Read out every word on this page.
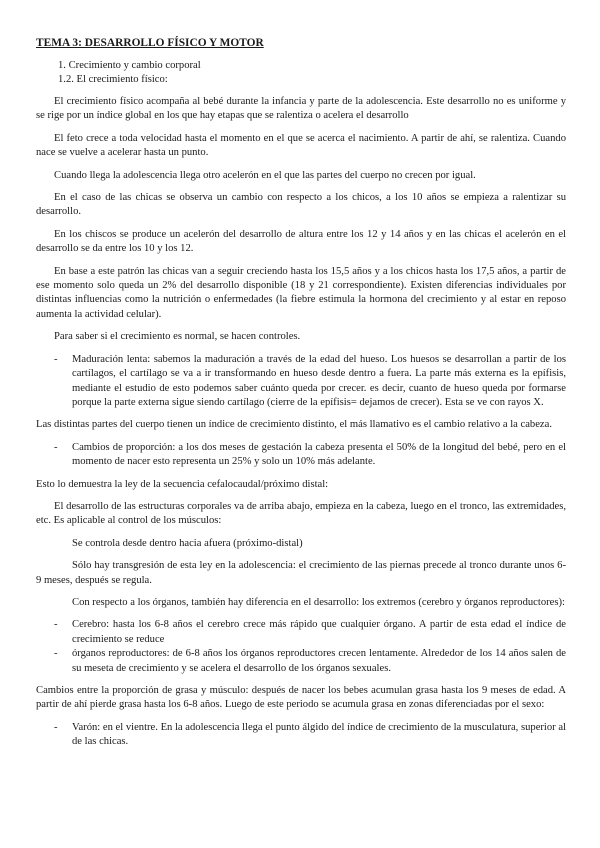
TEMA 3: DESARROLLO FÍSICO Y MOTOR
1. Crecimiento y cambio corporal
1.2. El crecimiento físico:

El crecimiento físico acompaña al bebé durante la infancia y parte de la adolescencia. Este desarrollo no es uniforme y se rige por un índice global en los que hay etapas que se ralentiza o acelera el desarrollo

El feto crece a toda velocidad hasta el momento en el que se acerca el nacimiento. A partir de ahí, se ralentiza. Cuando nace se vuelve a acelerar hasta un punto.

Cuando llega la adolescencia llega otro acelerón en el que las partes del cuerpo no crecen por igual.

En el caso de las chicas se observa un cambio con respecto a los chicos, a los 10 años se empieza a ralentizar su desarrollo.

En los chiscos se produce un acelerón del desarrollo de altura entre los 12 y 14 años y en las chicas el acelerón en el desarrollo se da entre los 10 y los 12.

En base a este patrón las chicas van a seguir creciendo hasta los 15,5 años y a los chicos hasta los 17,5 años, a partir de ese momento solo queda un 2% del desarrollo disponible (18 y 21 correspondiente). Existen diferencias individuales por distintas influencias como la nutrición o enfermedades (la fiebre estimula la hormona del crecimiento y al estar en reposo aumenta la actividad celular).

Para saber si el crecimiento es normal, se hacen controles.

- Maduración lenta: sabemos la maduración a través de la edad del hueso. Los huesos se desarrollan a partir de los cartílagos, el cartílago se va a ir transformando en hueso desde dentro a fuera. La parte más externa es la epífisis, mediante el estudio de esto podemos saber cuánto queda por crecer. es decir, cuanto de hueso queda por formarse porque la parte externa sigue siendo cartílago (cierre de la epífisis= dejamos de crecer). Esta se ve con rayos X.

Las distintas partes del cuerpo tienen un índice de crecimiento distinto, el más llamativo es el cambio relativo a la cabeza.

- Cambios de proporción: a los dos meses de gestación la cabeza presenta el 50% de la longitud del bebé, pero en el momento de nacer esto representa un 25% y solo un 10% más adelante.

Esto lo demuestra la ley de la secuencia cefalocaudal/próximo distal:

El desarrollo de las estructuras corporales va de arriba abajo, empieza en la cabeza, luego en el tronco, las extremidades, etc. Es aplicable al control de los músculos:

Se controla desde dentro hacia afuera (próximo-distal)

Sólo hay transgresión de esta ley en la adolescencia: el crecimiento de las piernas precede al tronco durante unos 6-9 meses, después se regula.

Con respecto a los órganos, también hay diferencia en el desarrollo: los extremos (cerebro y órganos reproductores):

- Cerebro: hasta los 6-8 años el cerebro crece más rápido que cualquier órgano. A partir de esta edad el índice de crecimiento se reduce
- órganos reproductores: de 6-8 años los órganos reproductores crecen lentamente. Alrededor de los 14 años salen de su meseta de crecimiento y se acelera el desarrollo de los órganos sexuales.

Cambios entre la proporción de grasa y músculo: después de nacer los bebes acumulan grasa hasta los 9 meses de edad. A partir de ahí pierde grasa hasta los 6-8 años. Luego de este periodo se acumula grasa en zonas diferenciadas por el sexo:

- Varón: en el vientre. En la adolescencia llega el punto álgido del índice de crecimiento de la musculatura, superior al de las chicas.
